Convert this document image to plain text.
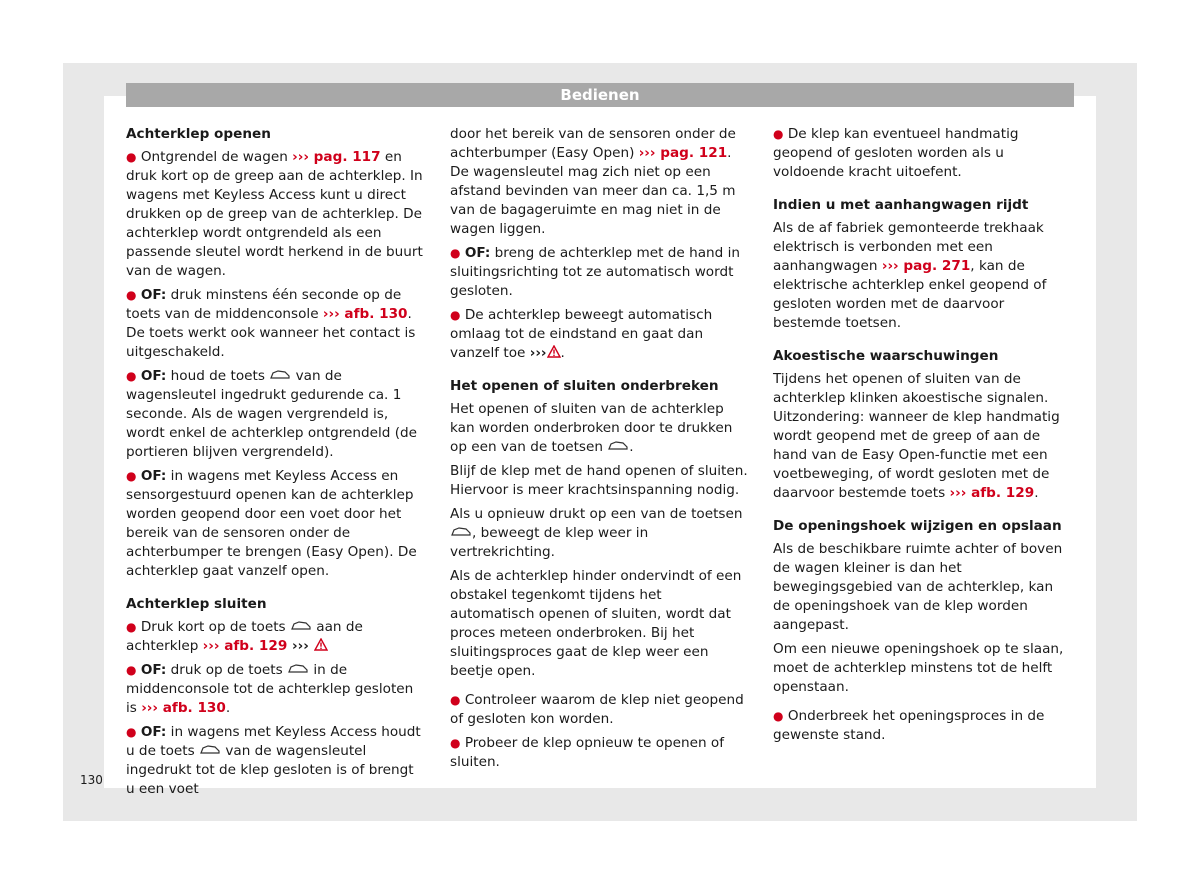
Bedienen
Achterklep openen

● Ontgrendel de wagen ››› pag. 117 en druk kort op de greep aan de achterklep. In wagens met Keyless Access kunt u direct drukken op de greep van de achterklep. De achterklep wordt ontgrendeld als een passende sleutel wordt herkend in de buurt van de wagen.

● OF: druk minstens één seconde op de toets van de middenconsole ››› afb. 130. De toets werkt ook wanneer het contact is uitgeschakeld.

● OF: houd de toets  van de wagensleutel ingedrukt gedurende ca. 1 seconde. Als de wagen vergrendeld is, wordt enkel de achterklep ontgrendeld (de portieren blijven vergrendeld).

● OF: in wagens met Keyless Access en sensorgestuurd openen kan de achterklep worden geopend door een voet door het bereik van de sensoren onder de achterbumper te brengen (Easy Open). De achterklep gaat vanzelf open.

Achterklep sluiten

● Druk kort op de toets  aan de achterklep ››› afb. 129 ›››

● OF: druk op de toets  in de middenconsole tot de achterklep gesloten is ››› afb. 130.

● OF: in wagens met Keyless Access houdt u de toets  van de wagensleutel ingedrukt tot de klep gesloten is of brengt u een voet

door het bereik van de sensoren onder de achterbumper (Easy Open) ››› pag. 121. De wagensleutel mag zich niet op een afstand bevinden van meer dan ca. 1,5 m van de bagageruimte en mag niet in de wagen liggen.

● OF: breng de achterklep met de hand in sluitingsrichting tot ze automatisch wordt gesloten.

● De achterklep beweegt automatisch omlaag tot de eindstand en gaat dan vanzelf toe ››› .

Het openen of sluiten onderbreken

Het openen of sluiten van de achterklep kan worden onderbroken door te drukken op een van de toetsen .

Blijf de klep met de hand openen of sluiten. Hiervoor is meer krachtsinspanning nodig.

Als u opnieuw drukt op een van de toetsen , beweegt de klep weer in vertrekrichting.

Als de achterklep hinder ondervindt of een obstakel tegenkomt tijdens het automatisch openen of sluiten, wordt dat proces meteen onderbroken. Bij het sluitingsproces gaat de klep weer een beetje open.

● Controleer waarom de klep niet geopend of gesloten kon worden.

● Probeer de klep opnieuw te openen of sluiten.

● De klep kan eventueel handmatig geopend of gesloten worden als u voldoende kracht uitoefent.

Indien u met aanhangwagen rijdt

Als de af fabriek gemonteerde trekhaak elektrisch is verbonden met een aanhangwagen ››› pag. 271, kan de elektrische achterklep enkel geopend of gesloten worden met de daarvoor bestemde toetsen.

Akoestische waarschuwingen

Tijdens het openen of sluiten van de achterklep klinken akoestische signalen. Uitzondering: wanneer de klep handmatig wordt geopend met de greep of aan de hand van de Easy Open-functie met een voetbeweging, of wordt gesloten met de daarvoor bestemde toets ››› afb. 129.

De openingshoek wijzigen en opslaan

Als de beschikbare ruimte achter of boven de wagen kleiner is dan het bewegingsgebied van de achterklep, kan de openingshoek van de klep worden aangepast.

Om een nieuwe openingshoek op te slaan, moet de achterklep minstens tot de helft openstaan.

● Onderbreek het openingsproces in de gewenste stand.

130
